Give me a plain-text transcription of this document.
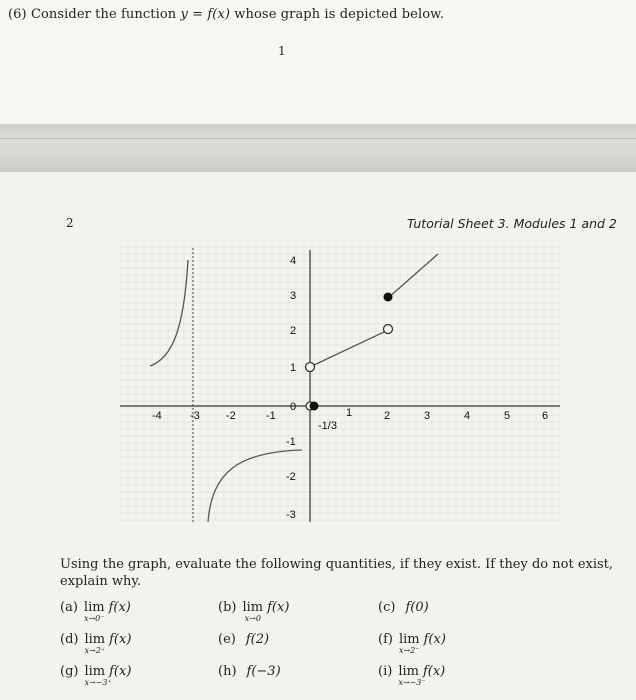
(6) Consider the function y = f(x) whose graph is depicted below.
1
2	Tutorial Sheet 3. Modules 1 and 2
-4	-3 -2	-1	1	2	3	4	5	6
0
4
3
2
1
-1
-2
-3
-1/3
Using the graph, evaluate the following quantities, if they exist. If they do not exist, explain why.
(a) lim
x→0⁻
f(x)	(b) lim
x→0
f(x)	(c) f(0)
(d) lim
x→2⁺
f(x)	(e) f(2)	(f) lim
x→2⁻
f(x)
(g) lim
x→−3⁺
f(x)	(h) f(−3)	(i) lim
x→−3⁻
f(x)
